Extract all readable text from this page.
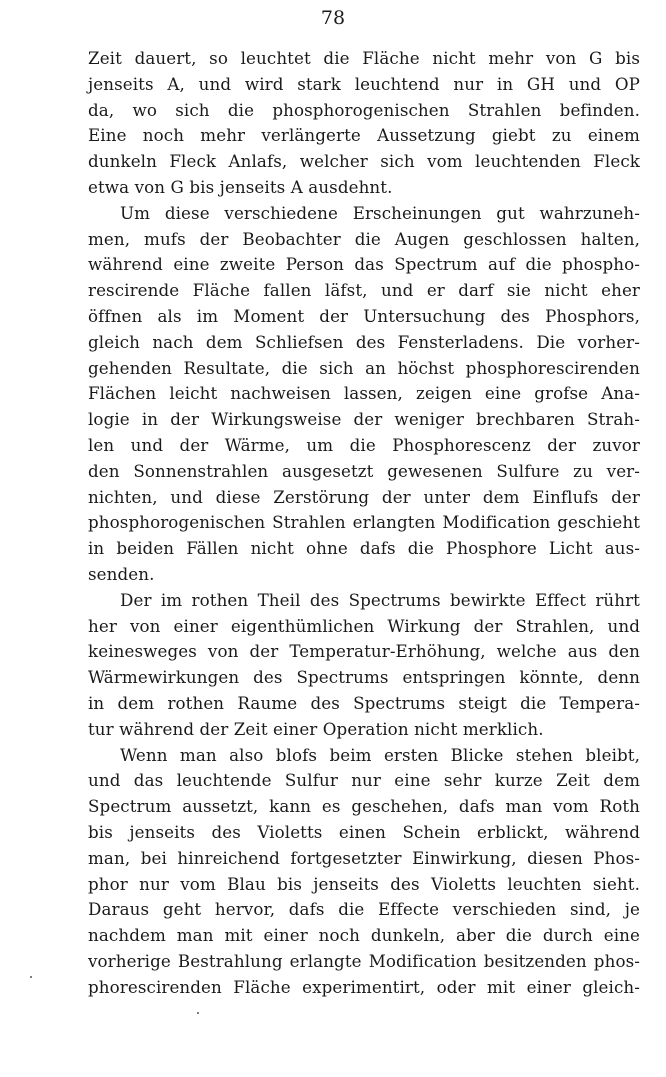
78
Zeit dauert, so leuchtet die Fläche nicht mehr von G bis
jenseits A, und wird stark leuchtend nur in GH und OP
da, wo sich die phosphorogenischen Strahlen befinden.
Eine noch mehr verlängerte Aussetzung giebt zu einem
dunkeln Fleck Anlafs, welcher sich vom leuchtenden Fleck
etwa von G bis jenseits A ausdehnt.
Um diese verschiedene Erscheinungen gut wahrzuneh-
men, mufs der Beobachter die Augen geschlossen halten,
während eine zweite Person das Spectrum auf die phospho-
rescirende Fläche fallen läfst, und er darf sie nicht eher
öffnen als im Moment der Untersuchung des Phosphors,
gleich nach dem Schliefsen des Fensterladens. Die vorher-
gehenden Resultate, die sich an höchst phosphorescirenden
Flächen leicht nachweisen lassen, zeigen eine grofse Ana-
logie in der Wirkungsweise der weniger brechbaren Strah-
len und der Wärme, um die Phosphorescenz der zuvor
den Sonnenstrahlen ausgesetzt gewesenen Sulfure zu ver-
nichten, und diese Zerstörung der unter dem Einflufs der
phosphorogenischen Strahlen erlangten Modification geschieht
in beiden Fällen nicht ohne dafs die Phosphore Licht aus-
senden.
Der im rothen Theil des Spectrums bewirkte Effect rührt
her von einer eigenthümlichen Wirkung der Strahlen, und
keinesweges von der Temperatur-Erhöhung, welche aus den
Wärmewirkungen des Spectrums entspringen könnte, denn
in dem rothen Raume des Spectrums steigt die Tempera-
tur während der Zeit einer Operation nicht merklich.
Wenn man also blofs beim ersten Blicke stehen bleibt,
und das leuchtende Sulfur nur eine sehr kurze Zeit dem
Spectrum aussetzt, kann es geschehen, dafs man vom Roth
bis jenseits des Violetts einen Schein erblickt, während
man, bei hinreichend fortgesetzter Einwirkung, diesen Phos-
phor nur vom Blau bis jenseits des Violetts leuchten sieht.
Daraus geht hervor, dafs die Effecte verschieden sind, je
nachdem man mit einer noch dunkeln, aber die durch eine
vorherige Bestrahlung erlangte Modification besitzenden phos-
phorescirenden Fläche experimentirt, oder mit einer gleich-
